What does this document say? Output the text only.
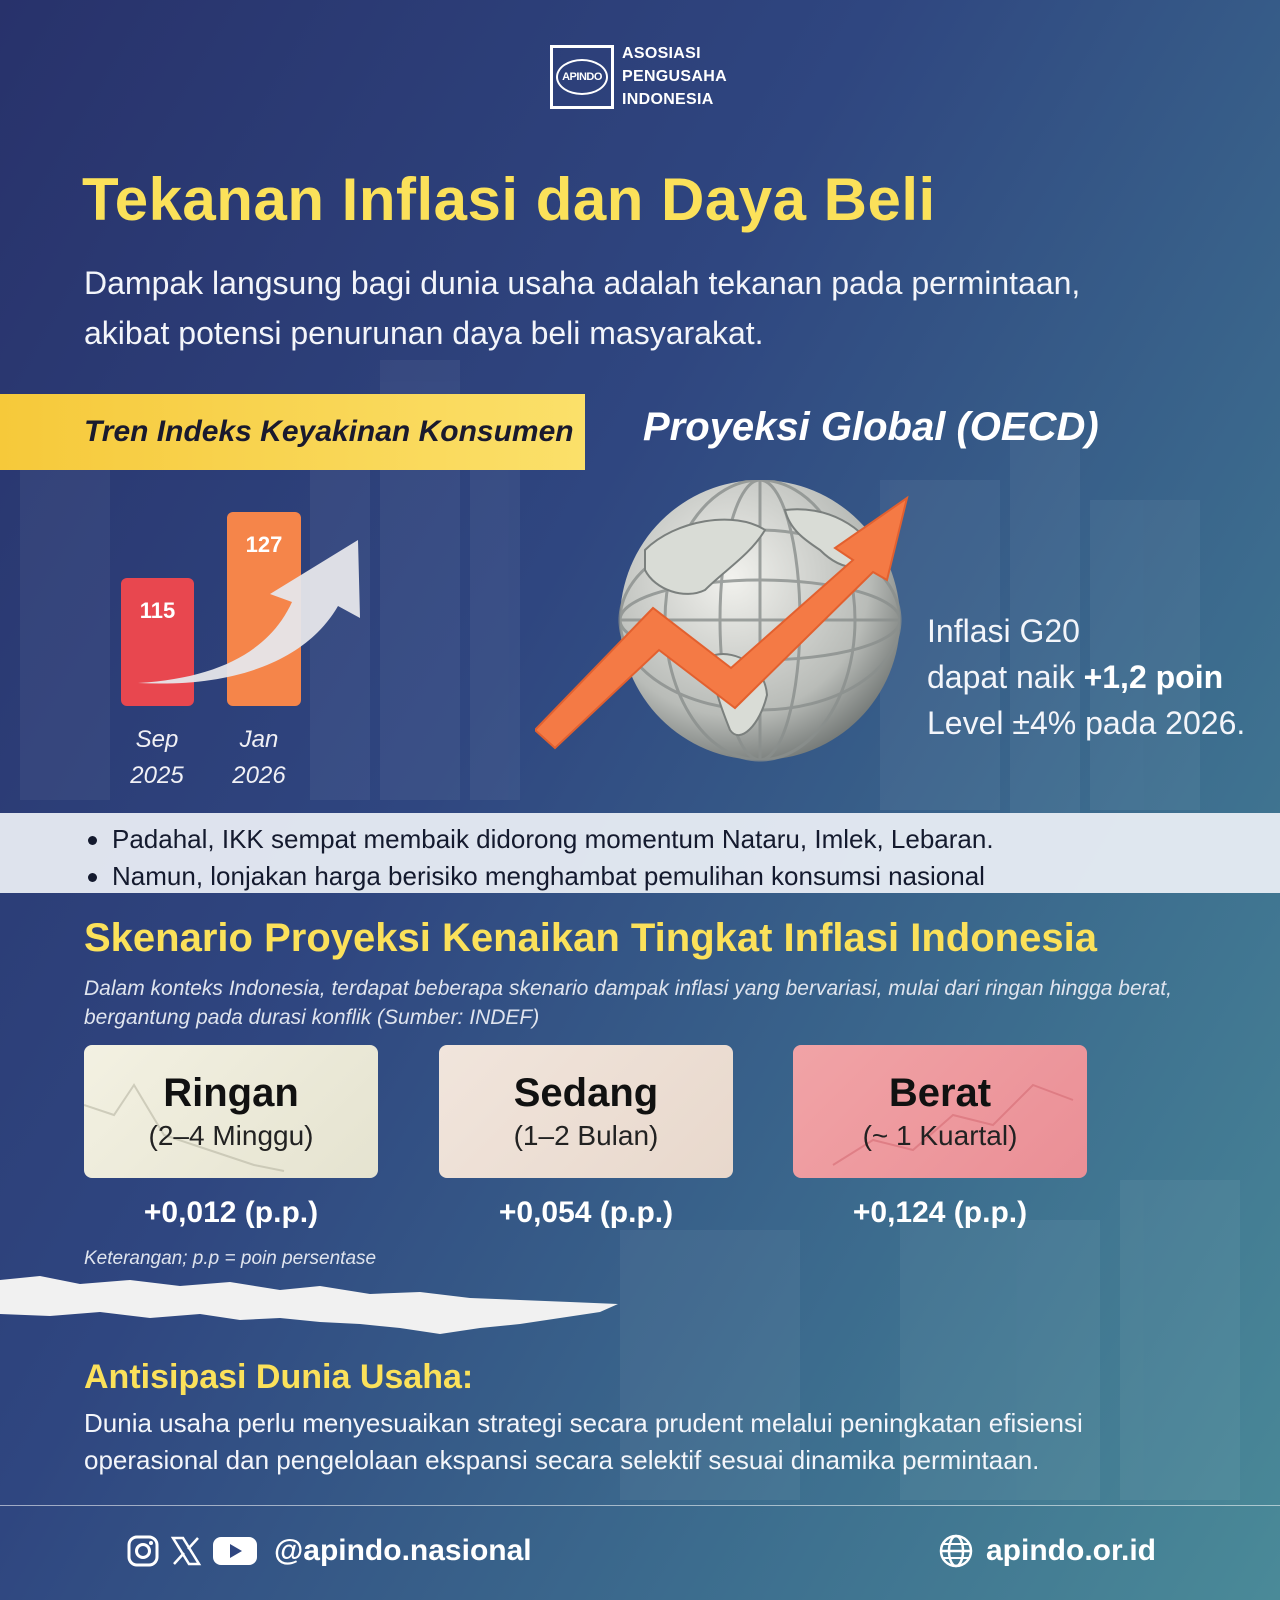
APINDO
ASOSIASI
PENGUSAHA
INDONESIA
Tekanan Inflasi dan Daya Beli

Dampak langsung bagi dunia usaha adalah tekanan pada permintaan, akibat potensi penurunan daya beli masyarakat.

Tren Indeks Keyakinan Konsumen Proyeksi Global (OECD)
115
127
Sep
2025
Jan
2026
Inflasi G20
dapat naik +1,2 poin
Level ±4% pada 2026.
Padahal, IKK sempat membaik didorong momentum Nataru, Imlek, Lebaran.
Namun, lonjakan harga berisiko menghambat pemulihan konsumsi nasional
Skenario Proyeksi Kenaikan Tingkat Inflasi Indonesia

Dalam konteks Indonesia, terdapat beberapa skenario dampak inflasi yang bervariasi, mulai dari ringan hingga berat, bergantung pada durasi konflik (Sumber: INDEF)

Ringan
(2–4 Minggu)
Sedang
(1–2 Bulan)
Berat
(~ 1 Kuartal)
+0,012 (p.p.)	+0,054 (p.p.)	+0,124 (p.p.)
Keterangan; p.p = poin persentase
Antisipasi Dunia Usaha:

Dunia usaha perlu menyesuaikan strategi secara prudent melalui peningkatan efisiensi operasional dan pengelolaan ekspansi secara selektif sesuai dinamika permintaan.

@apindo.nasional	apindo.or.id
